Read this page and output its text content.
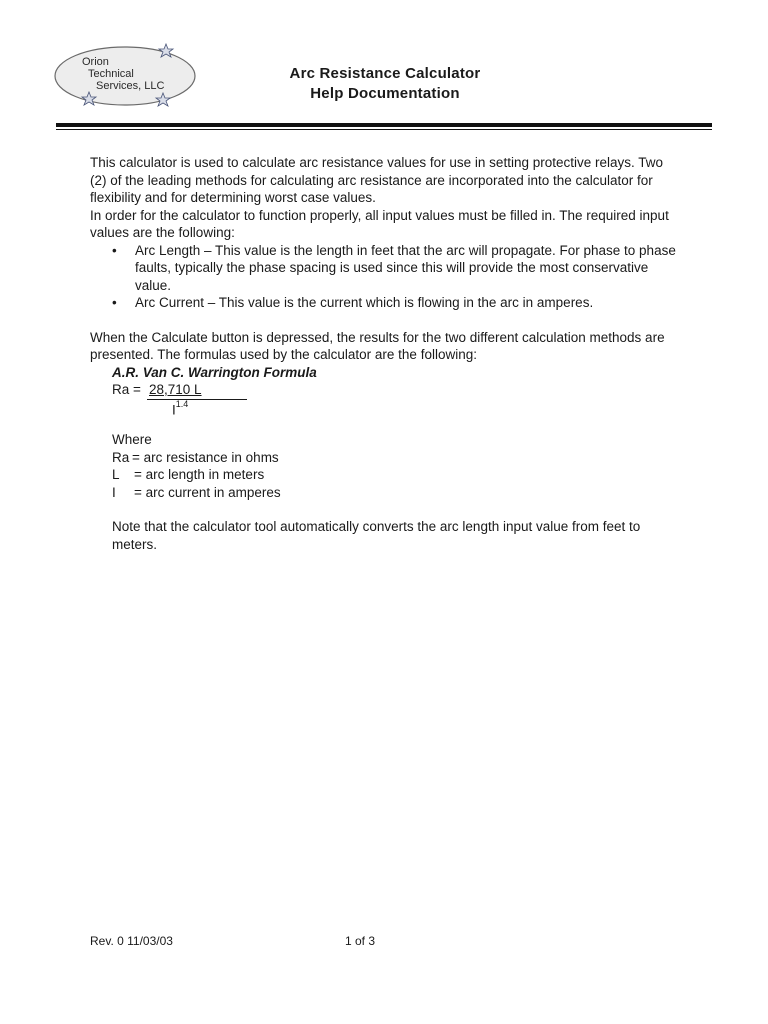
Orion
Technical
Services, LLC
Arc Resistance Calculator
Help Documentation

This calculator is used to calculate arc resistance values for use in setting protective relays. Two (2) of the leading methods for calculating arc resistance are incorporated into the calculator for flexibility and for determining worst case values.

In order for the calculator to function properly, all input values must be filled in. The required input values are the following:

• Arc Length – This value is the length in feet that the arc will propagate. For phase to phase faults, typically the phase spacing is used since this will provide the most conservative value.
• Arc Current – This value is the current which is flowing in the arc in amperes.

When the Calculate button is depressed, the results for the two different calculation methods are presented. The formulas used by the calculator are the following:

A.R. Van C. Warrington Formula

Ra = 28,710 L
$I^{1.4}$

Where

Ra = arc resistance in ohms
L	= arc length in meters
I	= arc current in amperes

Note that the calculator tool automatically converts the arc length input value from feet to meters.

Rev. 0 11/03/03	1 of 3
